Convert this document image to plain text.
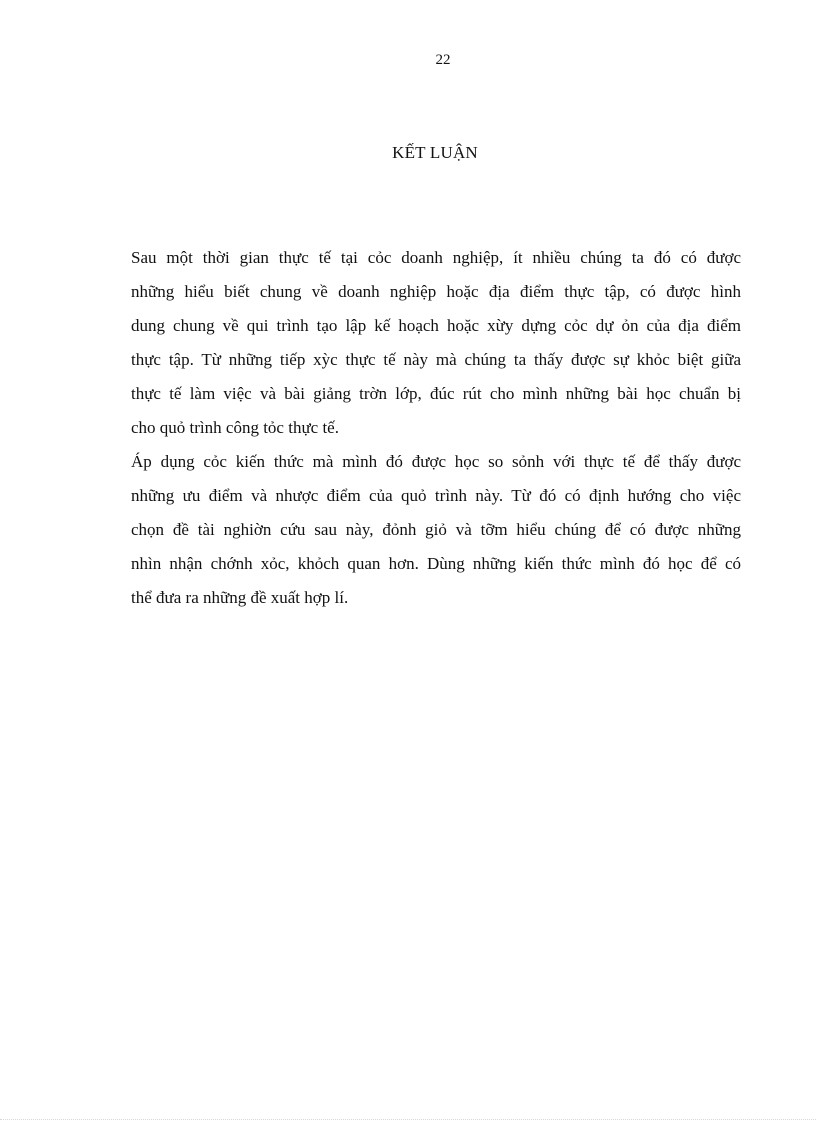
22
KẾT LUẬN

Sau một thời gian thực tế tại cỏc doanh nghiệp, ít nhiều chúng ta đó có được
những hiểu biết chung về doanh nghiệp hoặc địa điểm thực tập, có được hình
dung chung về qui trình tạo lập kế hoạch hoặc xừy dựng cỏc dự ỏn của địa điểm
thực tập. Từ những tiếp xỳc thực tế này mà chúng ta thấy được sự khỏc biệt giữa
thực tế làm việc và bài giảng trờn lớp, đúc rút cho mình những bài học chuẩn bị
cho quỏ trình công tỏc thực tế.

Áp dụng cỏc kiến thức mà mình đó được học so sỏnh với thực tế để thấy được
những ưu điểm và nhược điểm của quỏ trình này. Từ đó có định hướng cho việc
chọn đề tài nghiờn cứu sau này, đỏnh giỏ và tỡm hiểu chúng để có được những
nhìn nhận chớnh xỏc, khỏch quan hơn. Dùng những kiến thức mình đó học để có
thể đưa ra những đề xuất hợp lí.
